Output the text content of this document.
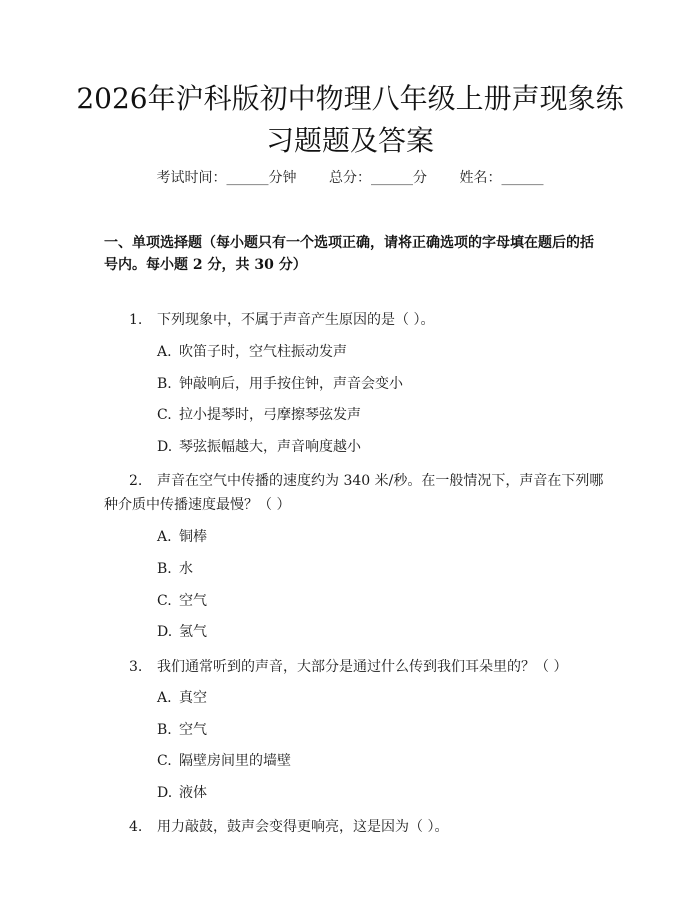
2026年沪科版初中物理八年级上册声现象练习题题及答案
考试时间：______分钟 总分：______分 姓名：______
一、单项选择题（每小题只有一个选项正确，请将正确选项的字母填在题后的括号内。每小题 2 分，共 30 分）
1. 下列现象中，不属于声音产生原因的是（ ）。
A. 吹笛子时，空气柱振动发声
B. 钟敲响后，用手按住钟，声音会变小
C. 拉小提琴时，弓摩擦琴弦发声
D. 琴弦振幅越大，声音响度越小
2. 声音在空气中传播的速度约为 340 米/秒。在一般情况下，声音在下列哪种介质中传播速度最慢？（ ）
A. 铜棒
B. 水
C. 空气
D. 氢气
3. 我们通常听到的声音，大部分是通过什么传到我们耳朵里的？（ ）
A. 真空
B. 空气
C. 隔壁房间里的墙壁
D. 液体
4. 用力敲鼓，鼓声会变得更响亮，这是因为（ ）。
